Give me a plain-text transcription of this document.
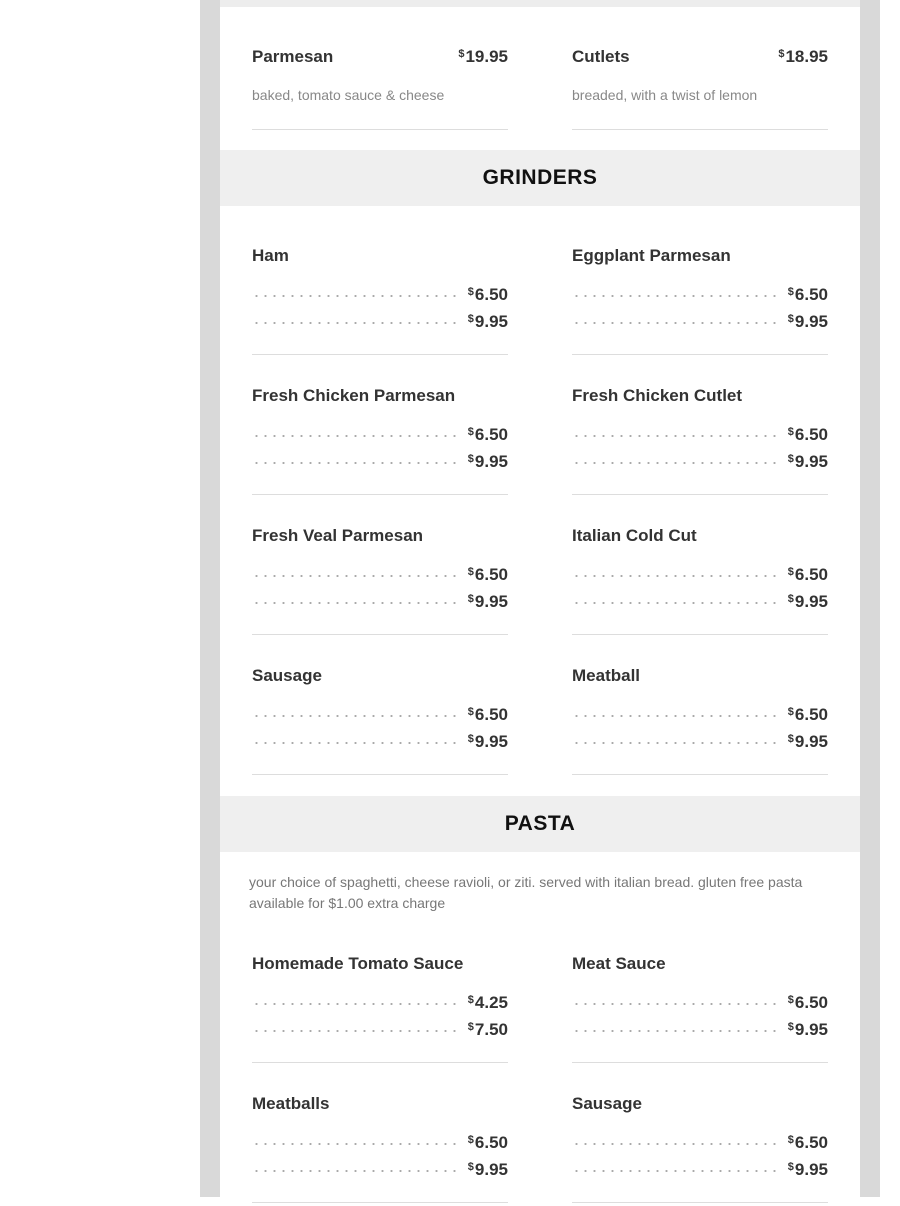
Parmesan	$19.95
baked, tomato sauce & cheese
Cutlets	$18.95
breaded, with a twist of lemon
GRINDERS
Ham
$6.50
$9.95
Eggplant Parmesan
$6.50
$9.95
Fresh Chicken Parmesan
$6.50
$9.95
Fresh Chicken Cutlet
$6.50
$9.95
Fresh Veal Parmesan
$6.50
$9.95
Italian Cold Cut
$6.50
$9.95
Sausage
$6.50
$9.95
Meatball
$6.50
$9.95
PASTA
your choice of spaghetti, cheese ravioli, or ziti. served with italian bread. gluten free pasta available for $1.00 extra charge
Homemade Tomato Sauce
$4.25
$7.50
Meat Sauce
$6.50
$9.95
Meatballs
$6.50
$9.95
Sausage
$6.50
$9.95
